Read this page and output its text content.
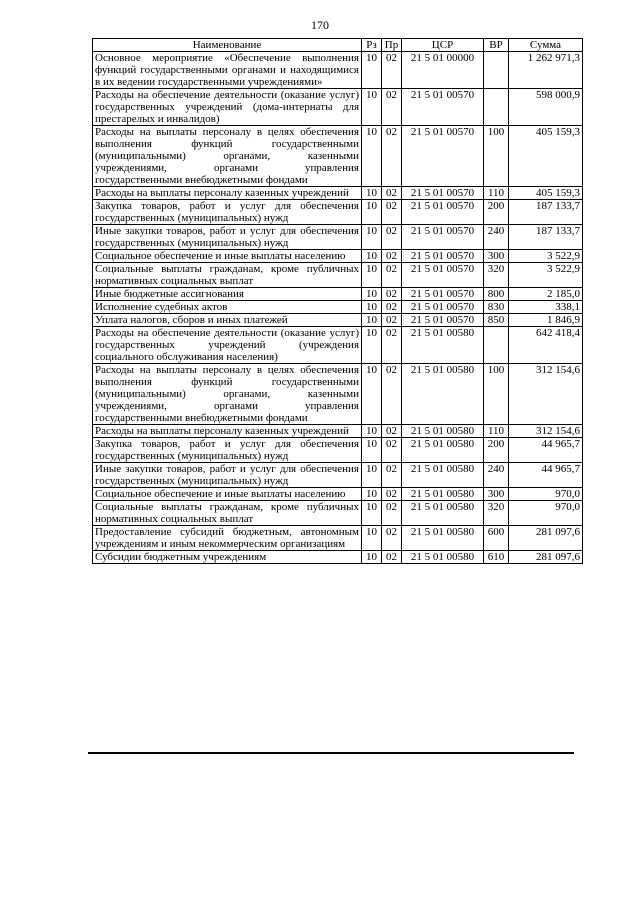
170
Наименование	Рз	Пр	ЦСР	ВР	Сумма
Основное мероприятие «Обеспечение выполнения функций государственными органами и находящимися в их ведении государственными учреждениями»	10	02	21 5 01 00000		1 262 971,3
Расходы на обеспечение деятельности (оказание услуг) государственных учреждений (дома-интернаты для престарелых и инвалидов)	10	02	21 5 01 00570		598 000,9
Расходы на выплаты персоналу в целях обеспечения выполнения функций государственными (муниципальными) органами, казенными учреждениями, органами управления государственными внебюджетными фондами	10	02	21 5 01 00570	100	405 159,3
Расходы на выплаты персоналу казенных учреждений	10	02	21 5 01 00570	110	405 159,3
Закупка товаров, работ и услуг для обеспечения государственных (муниципальных) нужд	10	02	21 5 01 00570	200	187 133,7
Иные закупки товаров, работ и услуг для обеспечения государственных (муниципальных) нужд	10	02	21 5 01 00570	240	187 133,7
Социальное обеспечение и иные выплаты населению	10	02	21 5 01 00570	300	3 522,9
Социальные выплаты гражданам, кроме публичных нормативных социальных выплат	10	02	21 5 01 00570	320	3 522,9
Иные бюджетные ассигнования	10	02	21 5 01 00570	800	2 185,0
Исполнение судебных актов	10	02	21 5 01 00570	830	338,1
Уплата налогов, сборов и иных платежей	10	02	21 5 01 00570	850	1 846,9
Расходы на обеспечение деятельности (оказание услуг) государственных учреждений (учреждения социального обслуживания населения)	10	02	21 5 01 00580		642 418,4
Расходы на выплаты персоналу в целях обеспечения выполнения функций государственными (муниципальными) органами, казенными учреждениями, органами управления государственными внебюджетными фондами	10	02	21 5 01 00580	100	312 154,6
Расходы на выплаты персоналу казенных учреждений	10	02	21 5 01 00580	110	312 154,6
Закупка товаров, работ и услуг для обеспечения государственных (муниципальных) нужд	10	02	21 5 01 00580	200	44 965,7
Иные закупки товаров, работ и услуг для обеспечения государственных (муниципальных) нужд	10	02	21 5 01 00580	240	44 965,7
Социальное обеспечение и иные выплаты населению	10	02	21 5 01 00580	300	970,0
Социальные выплаты гражданам, кроме публичных нормативных социальных выплат	10	02	21 5 01 00580	320	970,0
Предоставление субсидий бюджетным, автономным учреждениям и иным некоммерческим организациям	10	02	21 5 01 00580	600	281 097,6
Субсидии бюджетным учреждениям	10	02	21 5 01 00580	610	281 097,6
